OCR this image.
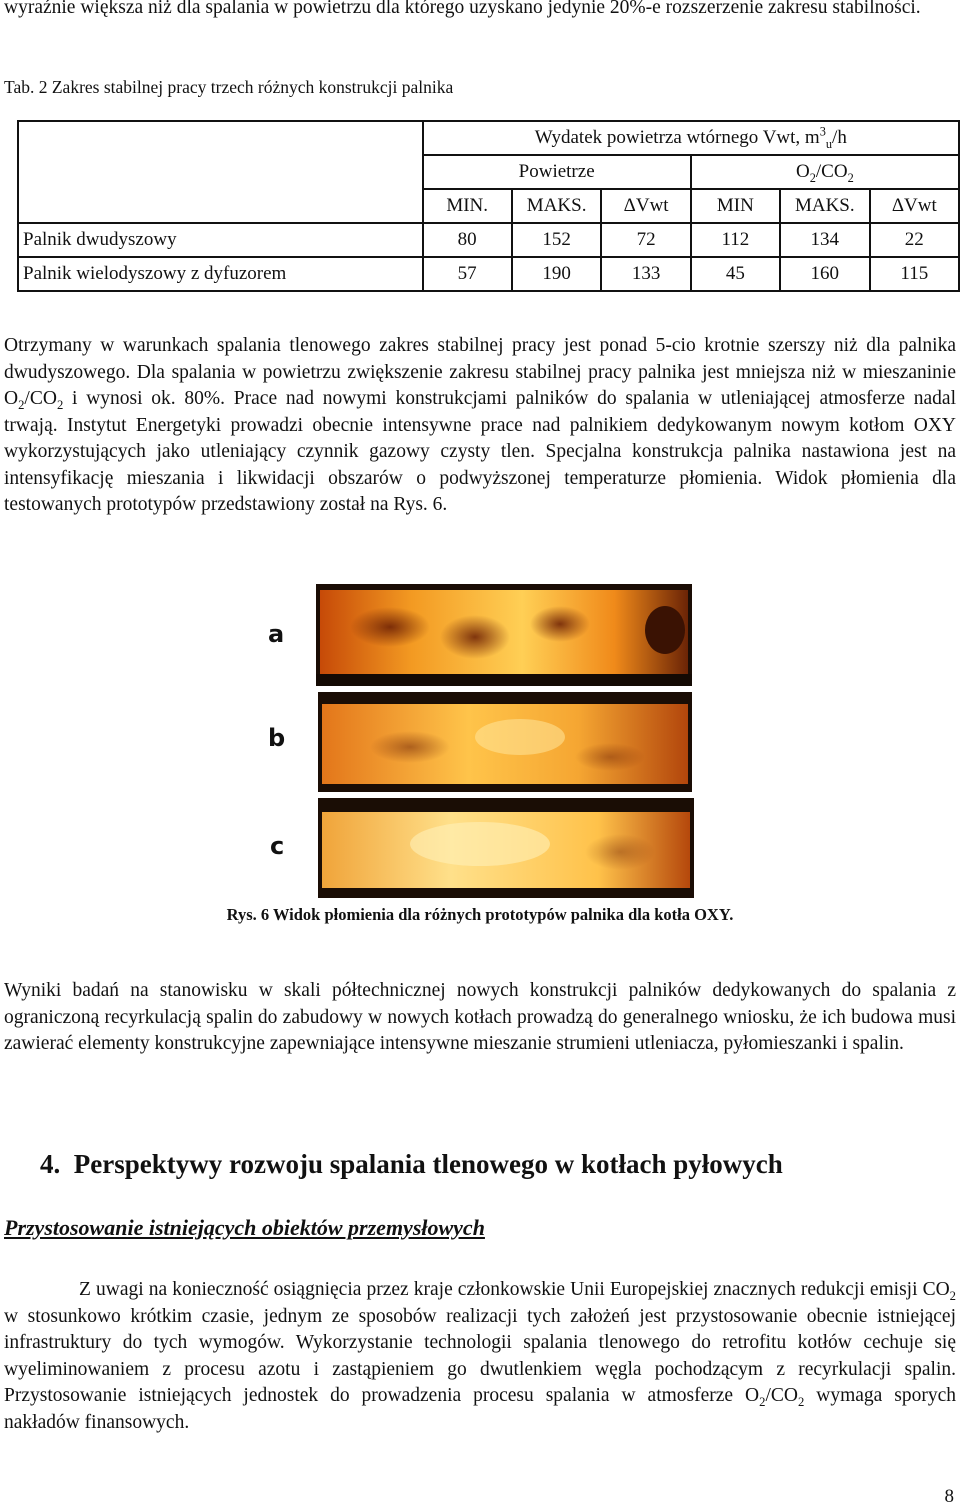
wyraźnie większa niż dla spalania w powietrzu dla którego uzyskano jedynie 20%-e rozszerzenie zakresu stabilności.
Tab. 2 Zakres stabilnej pracy trzech różnych konstrukcji palnika
	Wydatek powietrza wtórnego Vwt, $m^3_u/h$					
	Powietrze			$O_2/CO_2$
	MIN.	MAKS.	ΔVwt	MIN	MAKS.	ΔVwt
Palnik dwudyszowy	80	152	72	112	134	22
Palnik wielodyszowy z dyfuzorem	57	190	133	45	160	115
Otrzymany w warunkach spalania tlenowego zakres stabilnej pracy jest ponad 5-cio krotnie szerszy niż dla palnika dwudyszowego. Dla spalania w powietrzu zwiększenie zakresu stabilnej pracy palnika jest mniejsza niż w mieszaninie $O_2/CO_2$ i wynosi ok. 80%. Prace nad nowymi konstrukcjami palników do spalania w utleniającej atmosferze nadal trwają. Instytut Energetyki prowadzi obecnie intensywne prace nad palnikiem dedykowanym nowym kotłom OXY wykorzystujących jako utleniający czynnik gazowy czysty tlen. Specjalna konstrukcja palnika nastawiona jest na intensyfikację mieszania i likwidacji obszarów o podwyższonej temperaturze płomienia. Widok płomienia dla testowanych prototypów przedstawiony został na Rys. 6.
a
b
c
Rys. 6 Widok płomienia dla różnych prototypów palnika dla kotła OXY.
Wyniki badań na stanowisku w skali półtechnicznej nowych konstrukcji palników dedykowanych do spalania z ograniczoną recyrkulacją spalin do zabudowy w nowych kotłach prowadzą do generalnego wniosku, że ich budowa musi zawierać elementy konstrukcyjne zapewniające intensywne mieszanie strumieni utleniacza, pyłomieszanki i spalin.
4. Perspektywy rozwoju spalania tlenowego w kotłach pyłowych
Przystosowanie istniejących obiektów przemysłowych
Z uwagi na konieczność osiągnięcia przez kraje członkowskie Unii Europejskiej znacznych redukcji emisji $CO_2$ w stosunkowo krótkim czasie, jednym ze sposobów realizacji tych założeń jest przystosowanie obecnie istniejącej infrastruktury do tych wymogów. Wykorzystanie technologii spalania tlenowego do retrofitu kotłów cechuje się wyeliminowaniem z procesu azotu i zastąpieniem go dwutlenkiem węgla pochodzącym z recyrkulacji spalin. Przystosowanie istniejących jednostek do prowadzenia procesu spalania w atmosferze $O_2/CO_2$ wymaga sporych nakładów finansowych.
8
